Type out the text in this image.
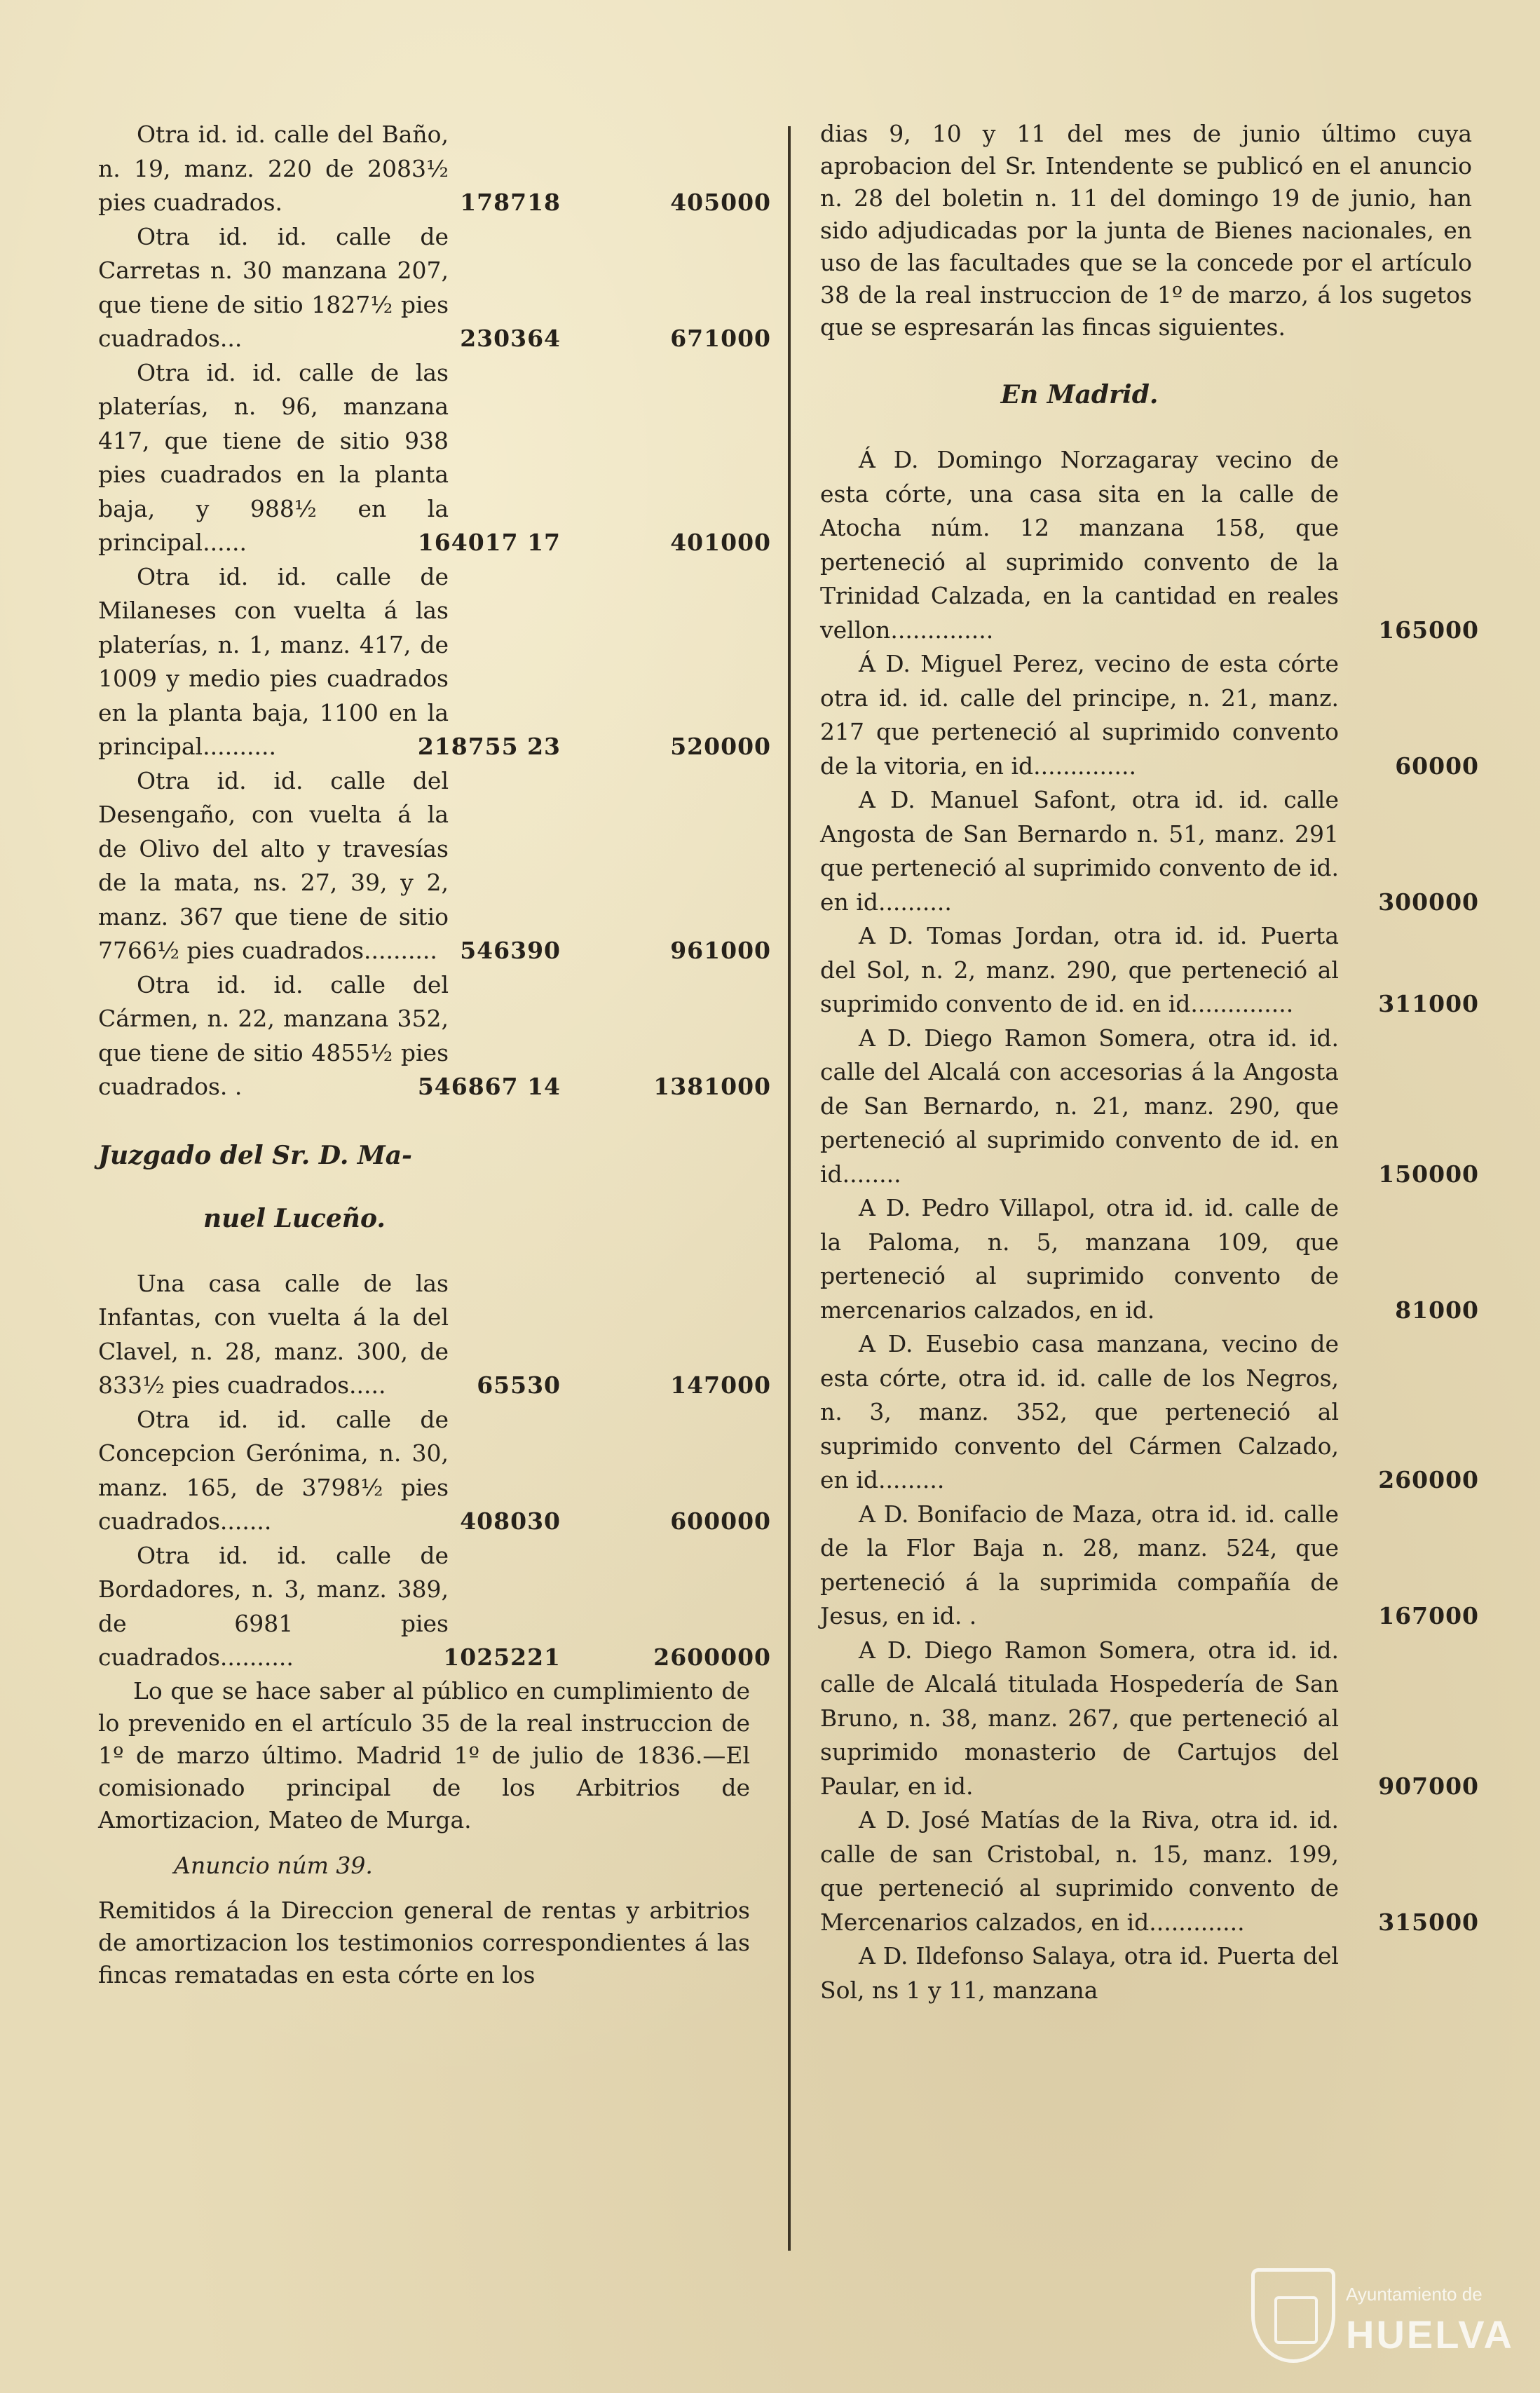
Otra id. id. calle del Baño, n. 19, manz. 220 de 2083½ pies cuadrados.	178718	405000
Otra id. id. calle de Carretas n. 30 manzana 207, que tiene de sitio 1827½ pies cuadrados...	230364	671000
Otra id. id. calle de las platerías, n. 96, manzana 417, que tiene de sitio 938 pies cuadrados en la planta baja, y 988½ en la principal......	164017 17	401000
Otra id. id. calle de Milaneses con vuelta á las platerías, n. 1, manz. 417, de 1009 y medio pies cuadrados en la planta baja, 1100 en la principal..........	218755 23	520000
Otra id. id. calle del Desengaño, con vuelta á la de Olivo del alto y travesías de la mata, ns. 27, 39, y 2, manz. 367 que tiene de sitio 7766½ pies cuadrados.......... 546390	961000
Otra id. id. calle del Cármen, n. 22, manzana 352, que tiene de sitio 4855½ pies cuadrados. .	546867 14	1381000
Juzgado del Sr. D. Ma-
nuel Luceño.
Una casa calle de las Infantas, con vuelta á la del Clavel, n. 28, manz. 300, de 833½ pies cuadrados.....	65530	147000
Otra id. id. calle de Concepcion Gerónima, n. 30, manz. 165, de 3798½ pies cuadrados.......	408030	600000
Otra id. id. calle de Bordadores, n. 3, manz. 389, de 6981 pies cuadrados..........	1025221	2600000

Lo que se hace saber al público en cumplimiento de lo prevenido en el artículo 35 de la real instruccion de 1º de marzo último. Madrid 1º de julio de 1836.—El comisionado principal de los Arbitrios de Amortizacion, Mateo de Murga.

Anuncio núm 39.

Remitidos á la Direccion general de rentas y arbitrios de amortizacion los testimonios correspondientes á las fincas rematadas en esta córte en los

dias 9, 10 y 11 del mes de junio último cuya aprobacion del Sr. Intendente se publicó en el anuncio n. 28 del boletin n. 11 del domingo 19 de junio, han sido adjudicadas por la junta de Bienes nacionales, en uso de las facultades que se la concede por el artículo 38 de la real instruccion de 1º de marzo, á los sugetos que se espresarán las fincas siguientes.

En Madrid.
Á D. Domingo Norzagaray vecino de esta córte, una casa sita en la calle de Atocha núm. 12 manzana 158, que perteneció al suprimido convento de la Trinidad Calzada, en la cantidad en reales vellon..............	165000
Á D. Miguel Perez, vecino de esta córte otra id. id. calle del principe, n. 21, manz. 217 que perteneció al suprimido convento de la vitoria, en id..............	60000
A D. Manuel Safont, otra id. id. calle Angosta de San Bernardo n. 51, manz. 291 que perteneció al suprimido convento de id. en id..........	300000
A D. Tomas Jordan, otra id. id. Puerta del Sol, n. 2, manz. 290, que perteneció al suprimido convento de id. en id..............	311000
A D. Diego Ramon Somera, otra id. id. calle del Alcalá con accesorias á la Angosta de San Bernardo, n. 21, manz. 290, que perteneció al suprimido convento de id. en id........	150000
A D. Pedro Villapol, otra id. id. calle de la Paloma, n. 5, manzana 109, que perteneció al suprimido convento de mercenarios calzados, en id.	81000
A D. Eusebio casa manzana, vecino de esta córte, otra id. id. calle de los Negros, n. 3, manz. 352, que perteneció al suprimido convento del Cármen Calzado, en id.........	260000
A D. Bonifacio de Maza, otra id. id. calle de la Flor Baja n. 28, manz. 524, que perteneció á la suprimida compañía de Jesus, en id. .	167000
A D. Diego Ramon Somera, otra id. id. calle de Alcalá titulada Hospedería de San Bruno, n. 38, manz. 267, que perteneció al suprimido monasterio de Cartujos del Paular, en id.	907000
A D. José Matías de la Riva, otra id. id. calle de san Cristobal, n. 15, manz. 199, que perteneció al suprimido convento de Mercenarios calzados, en id.............	315000
A D. Ildefonso Salaya, otra id. Puerta del Sol, ns 1 y 11, manzana
Ayuntamiento de
HUELVA
